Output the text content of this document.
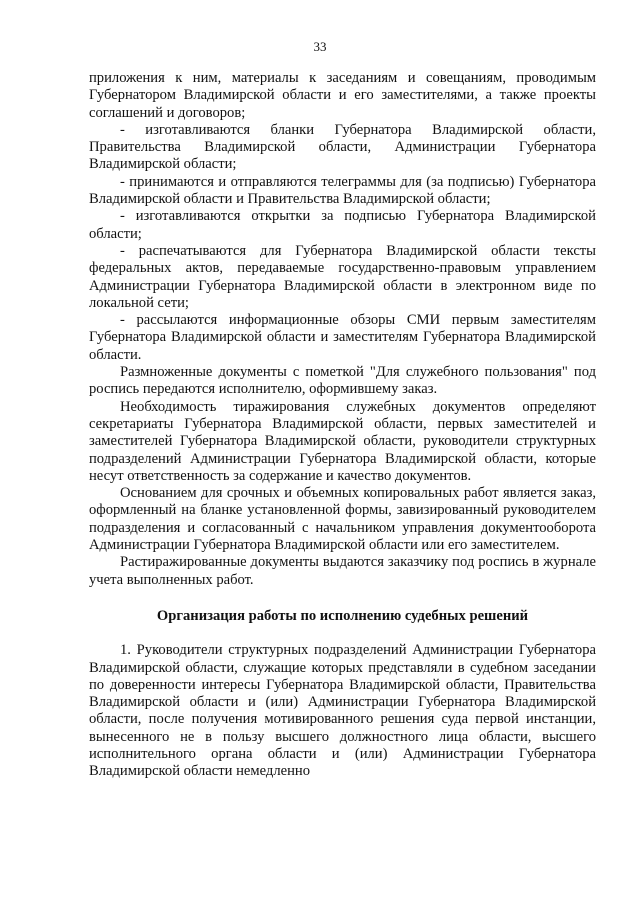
33

приложения к ним, материалы к заседаниям и совещаниям, проводимым Губернатором Владимирской области и его заместителями, а также проекты соглашений и договоров;

- изготавливаются бланки Губернатора Владимирской области, Правительства Владимирской области, Администрации Губернатора Владимирской области;

- принимаются и отправляются телеграммы для (за подписью) Губернатора Владимирской области и Правительства Владимирской области;

- изготавливаются открытки за подписью Губернатора Владимирской области;

- распечатываются для Губернатора Владимирской области тексты федеральных актов, передаваемые государственно-правовым управлением Администрации Губернатора Владимирской области в электронном виде по локальной сети;

- рассылаются информационные обзоры СМИ первым заместителям Губернатора Владимирской области и заместителям Губернатора Владимирской области.

Размноженные документы с пометкой "Для служебного пользования" под роспись передаются исполнителю, оформившему заказ.

Необходимость тиражирования служебных документов определяют секретариаты Губернатора Владимирской области, первых заместителей и заместителей Губернатора Владимирской области, руководители структурных подразделений Администрации Губернатора Владимирской области, которые несут ответственность за содержание и качество документов.

Основанием для срочных и объемных копировальных работ является заказ, оформленный на бланке установленной формы, завизированный руководителем подразделения и согласованный с начальником управления документооборота Администрации Губернатора Владимирской области или его заместителем.

Растиражированные документы выдаются заказчику под роспись в журнале учета выполненных работ.

Организация работы по исполнению судебных решений

1. Руководители структурных подразделений Администрации Губернатора Владимирской области, служащие которых представляли в судебном заседании по доверенности интересы Губернатора Владимирской области, Правительства Владимирской области и (или) Администрации Губернатора Владимирской области, после получения мотивированного решения суда первой инстанции, вынесенного не в пользу высшего должностного лица области, высшего исполнительного органа области и (или) Администрации Губернатора Владимирской области немедленно
